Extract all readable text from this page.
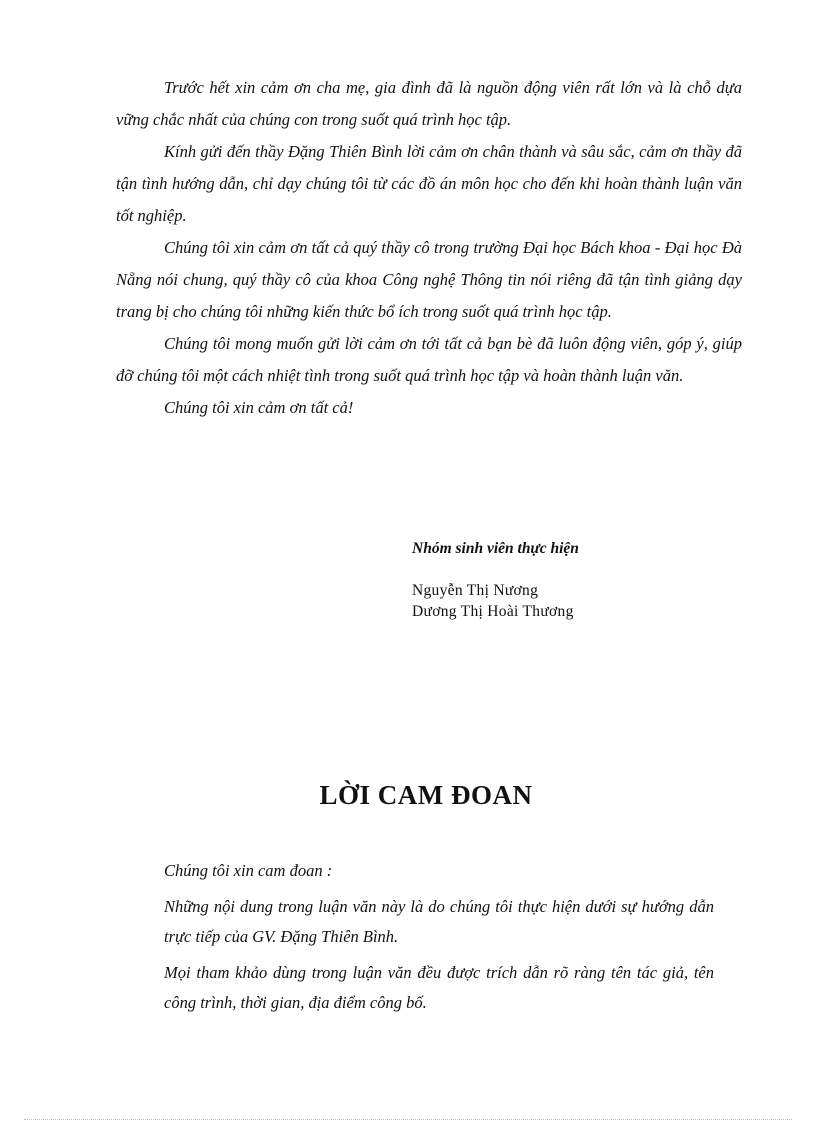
Trước hết xin cảm ơn cha mẹ, gia đình đã là nguồn động viên rất lớn và là chỗ dựa vững chắc nhất của chúng con trong suốt quá trình học tập.

Kính gửi đến thầy Đặng Thiên Bình lời cảm ơn chân thành và sâu sắc, cảm ơn thầy đã tận tình hướng dẫn, chỉ dạy chúng tôi từ các đồ án môn học cho đến khi hoàn thành luận văn tốt nghiệp.

Chúng tôi xin cảm ơn tất cả quý thầy cô trong trường Đại học Bách khoa - Đại học Đà Nẵng nói chung, quý thầy cô của khoa Công nghệ Thông tin nói riêng đã tận tình giảng dạy trang bị cho chúng tôi những kiến thức bổ ích trong suốt quá trình học tập.

Chúng tôi mong muốn gửi lời cảm ơn tới tất cả bạn bè đã luôn động viên, góp ý, giúp đỡ chúng tôi một cách nhiệt tình trong suốt quá trình học tập và hoàn thành luận văn.

Chúng tôi xin cảm ơn tất cả!

Nhóm sinh viên thực hiện

Nguyễn Thị Nương

Dương Thị Hoài Thương

LỜI CAM ĐOAN

Chúng tôi xin cam đoan :

Những nội dung trong luận văn này là do chúng tôi thực hiện dưới sự hướng dẫn trực tiếp của GV. Đặng Thiên Bình.

Mọi tham khảo dùng trong luận văn đều được trích dẫn rõ ràng tên tác giả, tên công trình, thời gian, địa điểm công bố.
